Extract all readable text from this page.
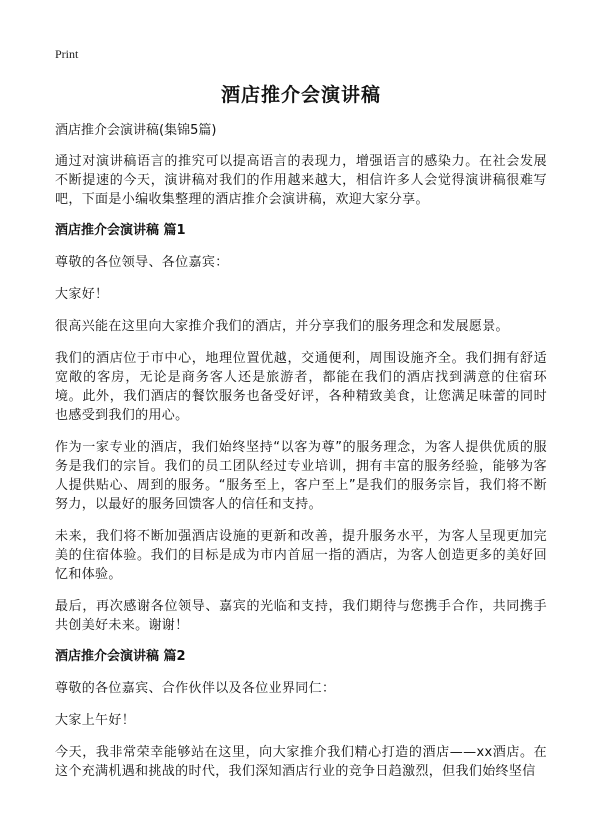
Print
酒店推介会演讲稿
酒店推介会演讲稿(集锦5篇)
通过对演讲稿语言的推究可以提高语言的表现力，增强语言的感染力。在社会发展不断提速的今天，演讲稿对我们的作用越来越大，相信许多人会觉得演讲稿很难写吧，下面是小编收集整理的酒店推介会演讲稿，欢迎大家分享。
酒店推介会演讲稿 篇1
尊敬的各位领导、各位嘉宾：
大家好！
很高兴能在这里向大家推介我们的酒店，并分享我们的服务理念和发展愿景。
我们的酒店位于市中心，地理位置优越，交通便利，周围设施齐全。我们拥有舒适宽敞的客房，无论是商务客人还是旅游者，都能在我们的酒店找到满意的住宿环境。此外，我们酒店的餐饮服务也备受好评，各种精致美食，让您满足味蕾的同时也感受到我们的用心。
作为一家专业的酒店，我们始终坚持“以客为尊”的服务理念，为客人提供优质的服务是我们的宗旨。我们的员工团队经过专业培训，拥有丰富的服务经验，能够为客人提供贴心、周到的服务。“服务至上，客户至上”是我们的服务宗旨，我们将不断努力，以最好的服务回馈客人的信任和支持。
未来，我们将不断加强酒店设施的更新和改善，提升服务水平，为客人呈现更加完美的住宿体验。我们的目标是成为市内首屈一指的酒店，为客人创造更多的美好回忆和体验。
最后，再次感谢各位领导、嘉宾的光临和支持，我们期待与您携手合作，共同携手共创美好未来。谢谢！
酒店推介会演讲稿 篇2
尊敬的各位嘉宾、合作伙伴以及各位业界同仁：
大家上午好！
今天，我非常荣幸能够站在这里，向大家推介我们精心打造的酒店——xx酒店。在这个充满机遇和挑战的时代，我们深知酒店行业的竞争日趋激烈，但我们始终坚信
